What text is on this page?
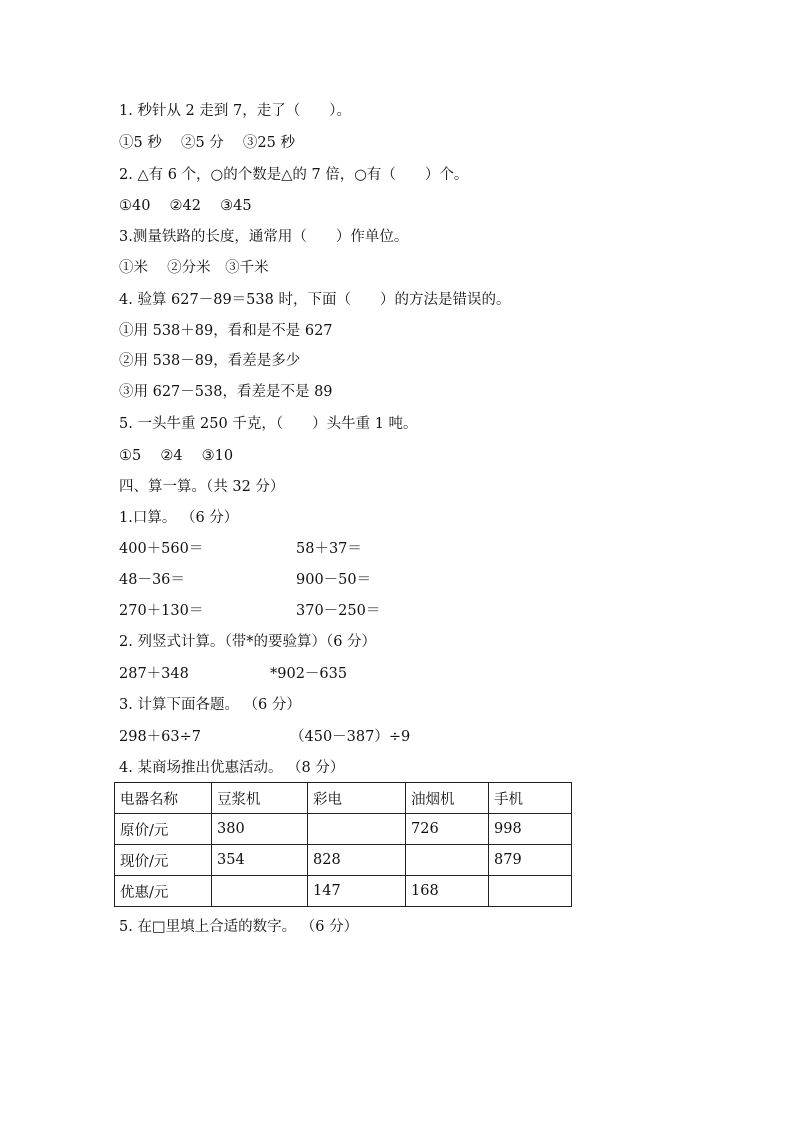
1. 秒针从 2 走到 7，走了（　　）。
①5 秒　 ②5 分　 ③25 秒
2. △有 6 个，○的个数是△的 7 倍，○有（　　）个。
①40　 ②42　 ③45
3.测量铁路的长度，通常用（　　）作单位。
①米　 ②分米　③千米
4. 验算 627－89＝538 时，下面（　　）的方法是错误的。
①用 538＋89，看和是不是 627
②用 538－89，看差是多少
③用 627－538，看差是不是 89
5. 一头牛重 250 千克，（　　）头牛重 1 吨。
①5　 ②4　 ③10
四、算一算。（共 32 分）
1.口算。 （6 分）
400＋560＝	58＋37＝
48－36＝	900－50＝
270＋130＝	370－250＝
2. 列竖式计算。（带*的要验算）（6 分）
287＋348	*902－635
3. 计算下面各题。 （6 分）
298＋63÷7	（450－387）÷9
4. 某商场推出优惠活动。 （8 分）
电器名称	豆浆机	彩电	油烟机	手机
原价/元	380		726	998
现价/元	354	828		879
优惠/元		147	168	
5. 在□里填上合适的数字。 （6 分）
